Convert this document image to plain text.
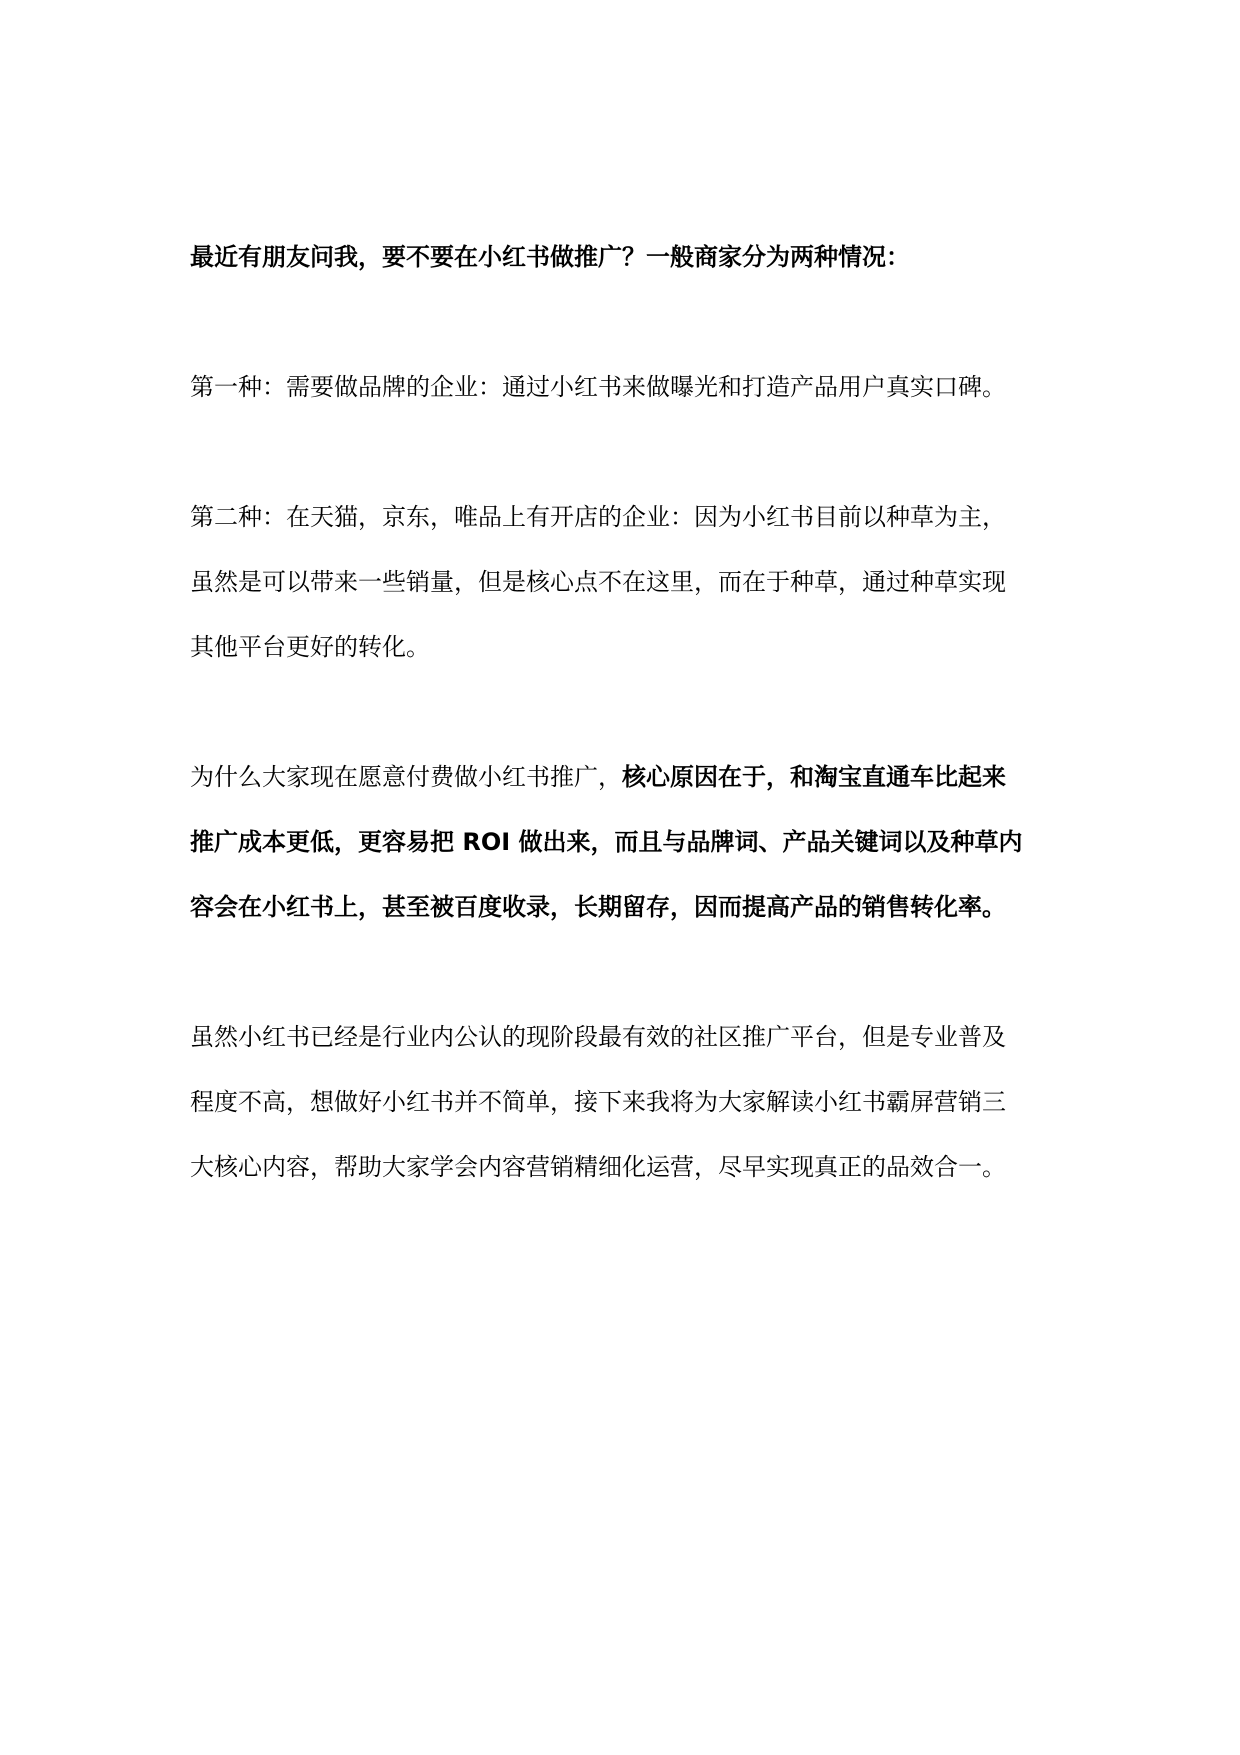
最近有朋友问我，要不要在小红书做推广？一般商家分为两种情况：

第一种：需要做品牌的企业：通过小红书来做曝光和打造产品用户真实口碑。

第二种：在天猫，京东，唯品上有开店的企业：因为小红书目前以种草为主，
虽然是可以带来一些销量，但是核心点不在这里，而在于种草，通过种草实现
其他平台更好的转化。

为什么大家现在愿意付费做小红书推广，核心原因在于，和淘宝直通车比起来
推广成本更低，更容易把 ROI 做出来，而且与品牌词、产品关键词以及种草内
容会在小红书上，甚至被百度收录，长期留存，因而提高产品的销售转化率。

虽然小红书已经是行业内公认的现阶段最有效的社区推广平台，但是专业普及
程度不高，想做好小红书并不简单，接下来我将为大家解读小红书霸屏营销三
大核心内容，帮助大家学会内容营销精细化运营，尽早实现真正的品效合一。
